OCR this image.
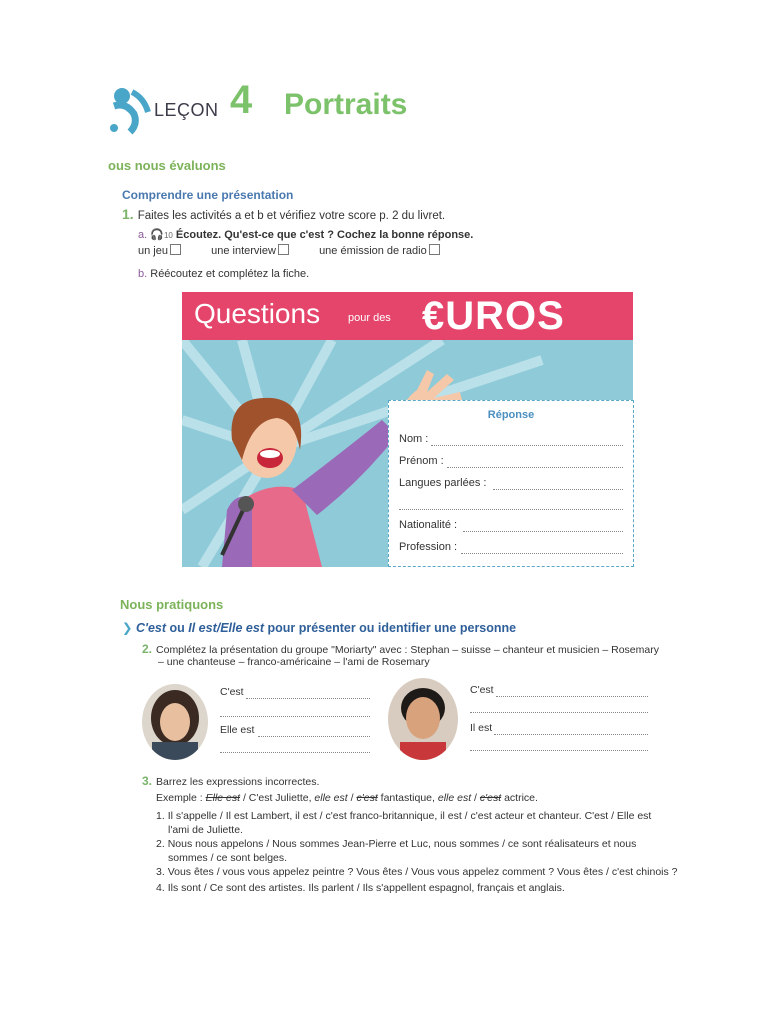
LEÇON 4 Portraits
ous nous évaluons
Comprendre une présentation
1. Faites les activités a et b et vérifiez votre score p. 2 du livret.
a. 🎧10 Écoutez. Qu'est-ce que c'est ? Cochez la bonne réponse.
un jeu	une interview	une émission de radio
b. Réécoutez et complétez la fiche.
Questions	pour des €UROS
Réponse
Nom :
Prénom :
Langues parlées :
Nationalité :
Profession :
Nous pratiquons
❯ C'est ou Il est/Elle est pour présenter ou identifier une personne
2. Complétez la présentation du groupe "Moriarty" avec : Stephan – suisse – chanteur et musicien – Rosemary
– une chanteuse – franco-américaine – l'ami de Rosemary
C'est
Elle est
C'est
Il est
3. Barrez les expressions incorrectes.
Exemple : Elle est / C'est Juliette, elle est / c'est fantastique, elle est / c'est actrice.
1. Il s'appelle / Il est Lambert, il est / c'est franco-britannique, il est / c'est acteur et chanteur. C'est / Elle est
l'ami de Juliette.
2. Nous nous appelons / Nous sommes Jean-Pierre et Luc, nous sommes / ce sont réalisateurs et nous
sommes / ce sont belges.
3. Vous êtes / vous vous appelez peintre ? Vous êtes / Vous vous appelez comment ? Vous êtes / c'est chinois ?
4. Ils sont / Ce sont des artistes. Ils parlent / Ils s'appellent espagnol, français et anglais.
